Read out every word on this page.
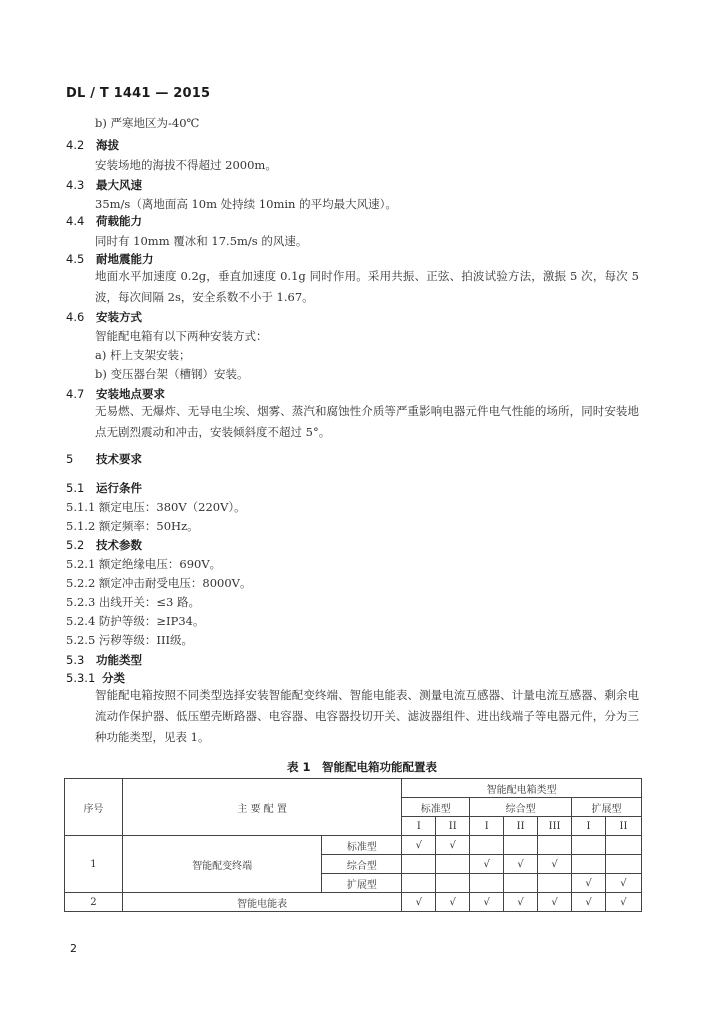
DL / T 1441 — 2015
b) 严寒地区为-40℃
4.2 海拔
安装场地的海拔不得超过 2000m。
4.3 最大风速
35m/s（离地面高 10m 处持续 10min 的平均最大风速）。
4.4 荷载能力
同时有 10mm 覆冰和 17.5m/s 的风速。
4.5 耐地震能力
地面水平加速度 0.2g，垂直加速度 0.1g 同时作用。采用共振、正弦、拍波试验方法，激振 5 次，每次 5 波，每次间隔 2s，安全系数不小于 1.67。
4.6 安装方式
智能配电箱有以下两种安装方式：
a) 杆上支架安装；
b) 变压器台架（槽钢）安装。
4.7 安装地点要求
无易燃、无爆炸、无导电尘埃、烟雾、蒸汽和腐蚀性介质等严重影响电器元件电气性能的场所，同时安装地点无剧烈震动和冲击，安装倾斜度不超过 5°。
5 技术要求
5.1 运行条件
5.1.1 额定电压：380V（220V）。
5.1.2 额定频率：50Hz。
5.2 技术参数
5.2.1 额定绝缘电压：690V。
5.2.2 额定冲击耐受电压：8000V。
5.2.3 出线开关：≤3 路。
5.2.4 防护等级：≥IP34。
5.2.5 污秽等级：III级。
5.3 功能类型
5.3.1 分类
智能配电箱按照不同类型选择安装智能配变终端、智能电能表、测量电流互感器、计量电流互感器、剩余电流动作保护器、低压塑壳断路器、电容器、电容器投切开关、滤波器组件、进出线端子等电器元件，分为三种功能类型，见表 1。
表 1　智能配电箱功能配置表
序号	主 要 配 置		智能配电箱类型						
			标准型		综合型			扩展型	
			I	II	I	II	III	I	II
1	智能配变终端	标准型	√	√					
		综合型			√	√	√		
		扩展型						√	√
2	智能电能表		√	√	√	√	√	√	√
2
